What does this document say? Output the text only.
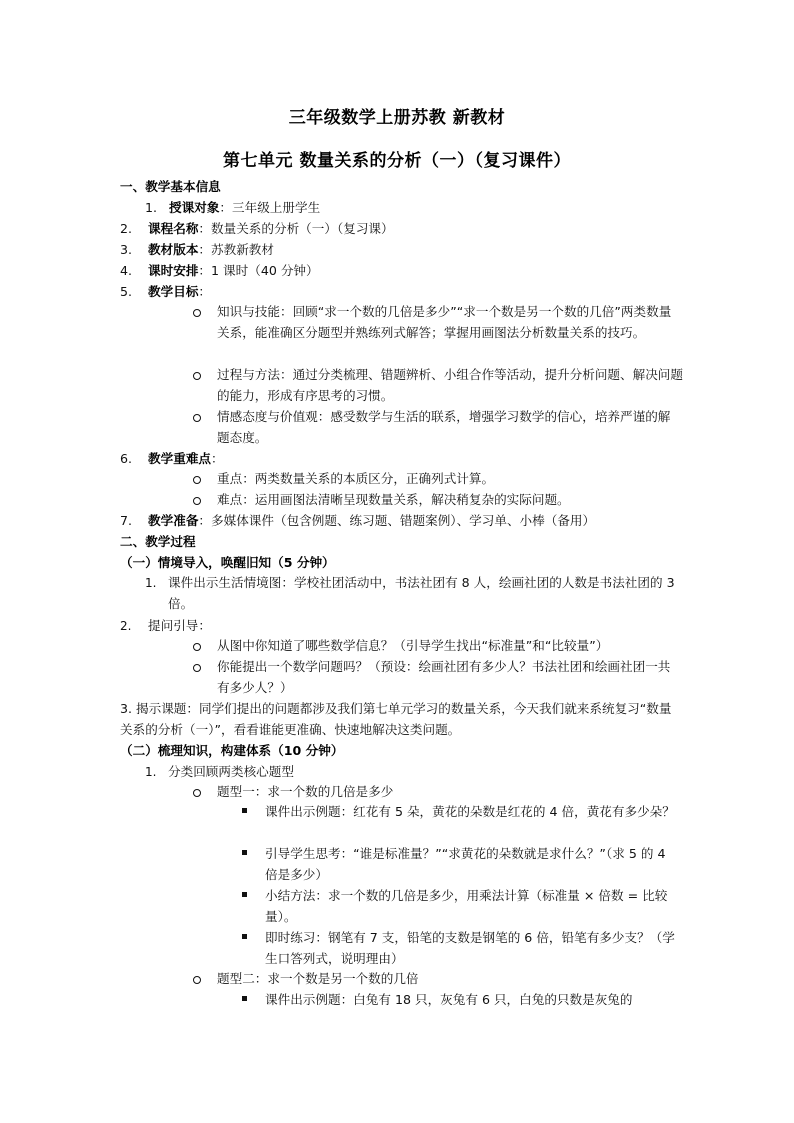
三年级数学上册苏教 新教材
第七单元 数量关系的分析（一）（复习课件）
一、教学基本信息
1. 授课对象：三年级上册学生
2. 课程名称：数量关系的分析（一）（复习课）
3. 教材版本：苏教新教材
4. 课时安排：1 课时（40 分钟）
5. 教学目标：
知识与技能：回顾“求一个数的几倍是多少”“求一个数是另一个数的几倍”两类数量关系，能准确区分题型并熟练列式解答；掌握用画图法分析数量关系的技巧。
过程与方法：通过分类梳理、错题辨析、小组合作等活动，提升分析问题、解决问题的能力，形成有序思考的习惯。
情感态度与价值观：感受数学与生活的联系，增强学习数学的信心，培养严谨的解题态度。
6. 教学重难点：
重点：两类数量关系的本质区分，正确列式计算。
难点：运用画图法清晰呈现数量关系，解决稍复杂的实际问题。
7. 教学准备：多媒体课件（包含例题、练习题、错题案例）、学习单、小棒（备用）
二、教学过程
（一）情境导入，唤醒旧知（5 分钟）
1. 课件出示生活情境图：学校社团活动中，书法社团有 8 人，绘画社团的人数是书法社团的 3 倍。
2. 提问引导：
从图中你知道了哪些数学信息？（引导学生找出“标准量”和“比较量”）
你能提出一个数学问题吗？（预设：绘画社团有多少人？书法社团和绘画社团一共有多少人？）
3. 揭示课题：同学们提出的问题都涉及我们第七单元学习的数量关系，今天我们就来系统复习“数量关系的分析（一）”，看看谁能更准确、快速地解决这类问题。
（二）梳理知识，构建体系（10 分钟）
1. 分类回顾两类核心题型
题型一：求一个数的几倍是多少
课件出示例题：红花有 5 朵，黄花的朵数是红花的 4 倍，黄花有多少朵？
引导学生思考：“谁是标准量？”“求黄花的朵数就是求什么？”（求 5 的 4 倍是多少）
小结方法：求一个数的几倍是多少，用乘法计算（标准量 × 倍数 = 比较量）。
即时练习：钢笔有 7 支，铅笔的支数是钢笔的 6 倍，铅笔有多少支？（学生口答列式，说明理由）
题型二：求一个数是另一个数的几倍
课件出示例题：白兔有 18 只，灰兔有 6 只，白兔的只数是灰兔的
